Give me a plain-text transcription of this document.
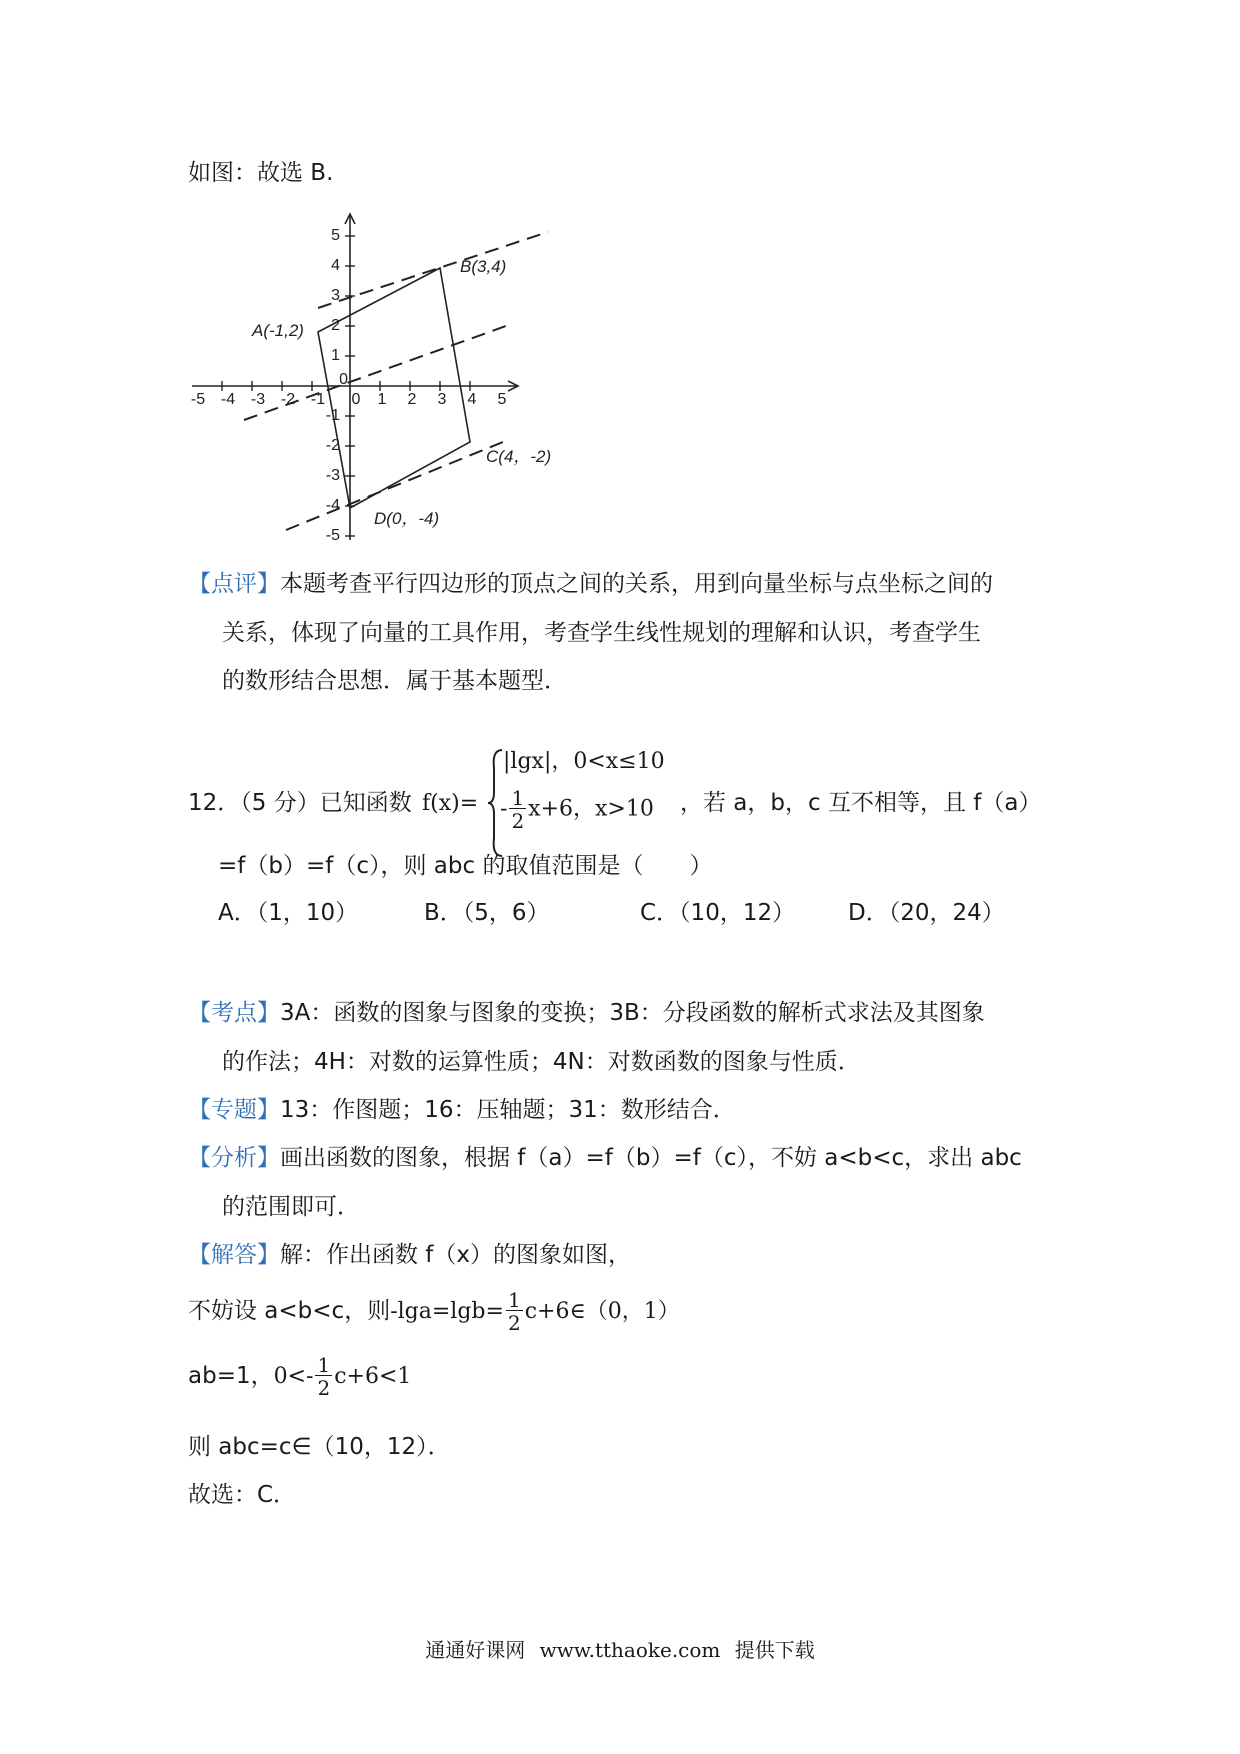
如图：故选 B.
5
4
3
2
1
0
-1
-2
-3
-4
-5
-5 -4 -3 -2 -1 0 1 2 3 4 5
A(-1,2)
B(3,4)
C(4，-2)
D(0，-4)
【点评】本题考查平行四边形的顶点之间的关系，用到向量坐标与点坐标之间的
关系，体现了向量的工具作用，考查学生线性规划的理解和认识，考查学生
的数形结合思想．属于基本题型．
12．（5 分）已知函数 f(x)=
|lgx|，0<x≤10
- $\frac{1}{2} x+6$，x>10 ，若 a，b，c 互不相等，且 f（a）
=f（b）=f（c），则 abc 的取值范围是（　　）
A．（1，10）	B．（5，6）	C．（10，12） D．（20，24）
【考点】3A：函数的图象与图象的变换；3B：分段函数的解析式求法及其图象
的作法；4H：对数的运算性质；4N：对数函数的图象与性质．
【专题】13：作图题；16：压轴题；31：数形结合．
【分析】画出函数的图象，根据 f（a）=f（b）=f（c），不妨 a<b<c，求出 abc
的范围即可．
【解答】解：作出函数 f（x）的图象如图，
不妨设 a<b<c，则$-\lg a=\lg b= \frac{1}{2}$ c+6∈（0，1）
ab=1，$0<- \frac{1}{2} c+6<1$
则 abc=c∈（10，12）．
故选：C．
通通好课网 www.tthaoke.com 提供下载
